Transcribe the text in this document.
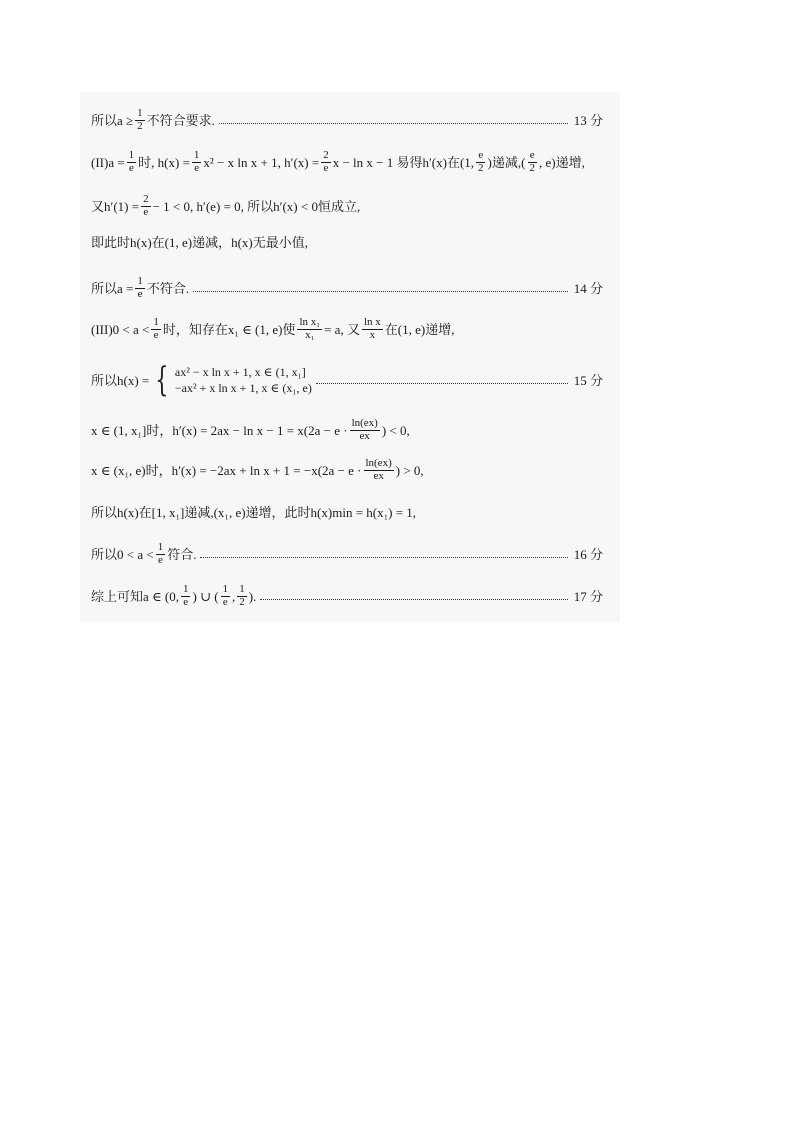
所以$a \ge \frac{1}{2}$ 不符合要求.	13 分
$(II)a = \frac{1}{e}$ 时, $h(x) = \frac{1}{e} x^2 - x$ ln x + 1, $h'(x) = \frac{2}{e}$ x − ln x − 1 易得h′(x)在(1, $\frac{e}{2}$ )递减,( $\frac{e}{2}$ , e)递增,
又$h'(1) = \frac{2}{e} - 1 < 0$, h′(e) = 0, 所以h′(x) < 0恒成立,
即此时h(x)在(1, e)递减，h(x)无最小值,
所以$a = \frac{1}{e}$ 不符合.	14 分
$(III)0 < a < \frac{1}{e}$ 时，知存在x₁ ∈ (1, e)使 $\frac{\text{ln x₁}}{\text{x₁}} = a$, 又 $\frac{\text{ln x}}{x}$ 在(1, e)递增,
所以h(x) = { ax² − x ln x + 1, x ∈ (1, x₁]
−ax² + x ln x + 1, x ∈ (x₁, e)
15 分
x ∈ (1, x₁]时，$h'(x) = 2ax - \ln x - 1 = x(2a - e \cdot \frac{\ln(ex)}{ex}$ ) < 0,
x ∈ (x₁, e)时，$h'(x) = -2ax + \ln x + 1 = -x(2a - e \cdot \frac{\ln(ex)}{ex}$ ) > 0,
所以h(x)在[1, x₁]递减,(x₁, e)递增，此时h(x)min = h(x₁) = 1,
所以$0 < a < \frac{1}{e}$ 符合.	16 分
综上可知a ∈ (0, $\frac{1}{e}$ ) ∪ ( $\frac{1}{e}$ , $\frac{1}{2}$ ).	17 分
